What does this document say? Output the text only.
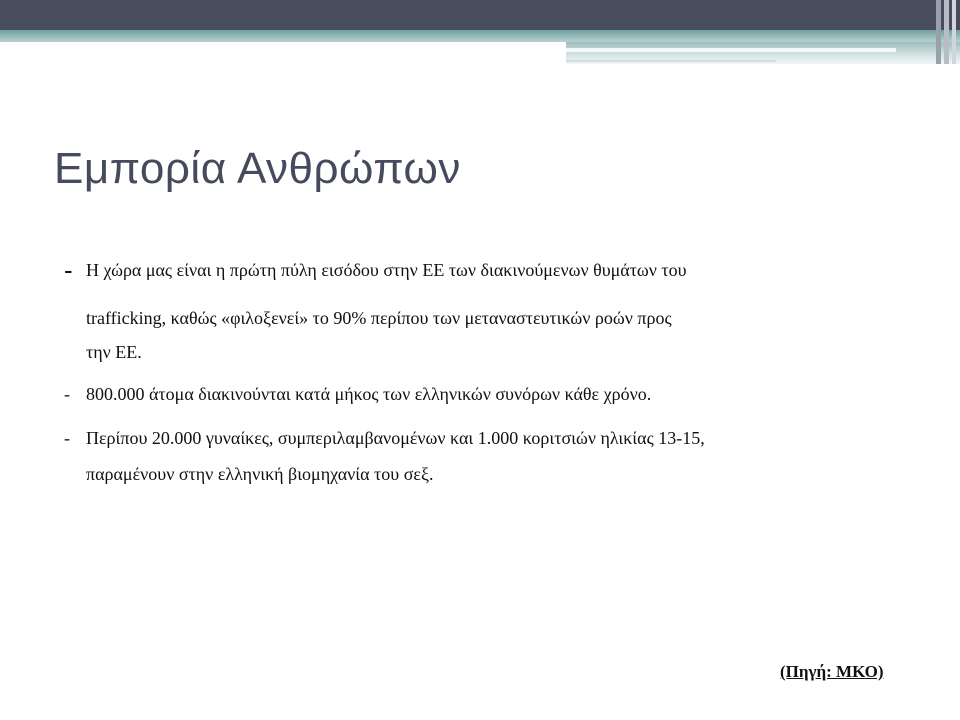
Εμπορία Ανθρώπων
- Η χώρα μας είναι η πρώτη πύλη εισόδου στην ΕΕ των διακινούμενων θυμάτων του
trafficking, καθώς «φιλοξενεί» το 90% περίπου των μεταναστευτικών ροών προς
την ΕΕ.
- 800.000 άτομα διακινούνται κατά μήκος των ελληνικών συνόρων κάθε χρόνο.
- Περίπου 20.000 γυναίκες, συμπεριλαμβανομένων και 1.000 κοριτσιών ηλικίας 13-15,
παραμένουν στην ελληνική βιομηχανία του σεξ.
(Πηγή: ΜΚΟ)
